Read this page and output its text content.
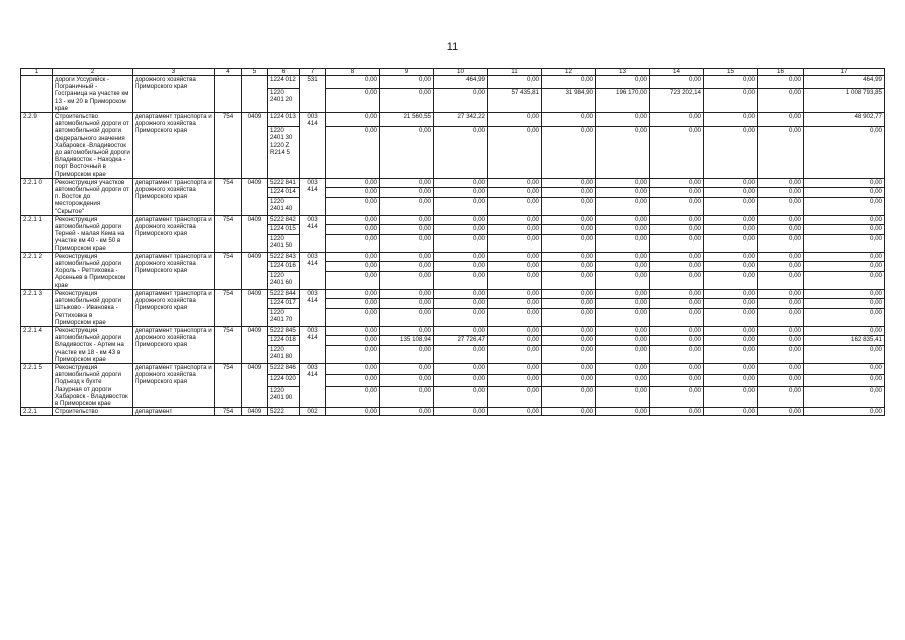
11
1	2	3	4	5	6	7	8	9	10	11	12	13	14	15	16	17
	дороги Уссурийск - Пограничный - Госграница на участке км 13 - км 20 в Приморском крае	дорожного хозяйства Приморского края			1224 012	531	0,00	0,00	464,99	0,00	0,00	0,00	0,00	0,00	0,00	464,99
					1220 2401 20		0,00	0,00	0,00	57 435,81	31 984,90	196 170,00	723 202,14	0,00	0,00	1 008 793,85
2.2.9	Строительство автомобильной дороги от автомобильной дороги федерального значения Хабаровск -Владивосток до автомобильной дороги Владивосток - Находка - порт Восточный в Приморском крае	департамент транспорта и дорожного хозяйства Приморского края	754	0409	1224 013	003 414	0,00	21 560,55	27 342,22	0,00	0,00	0,00	0,00	0,00	0,00	48 902,77
					1220 2401 30 1220 Z R214 5		0,00	0,00	0,00	0,00	0,00	0,00	0,00	0,00	0,00	0,00
2.2.1 0	Реконструкция участков автомобильной дороги от п. Восток до месторождения "Скрытое"	департамент транспорта и дорожного хозяйства Приморского края	754	0409	5222 841	003 414	0,00	0,00	0,00	0,00	0,00	0,00	0,00	0,00	0,00	0,00
					1224 014		0,00	0,00	0,00	0,00	0,00	0,00	0,00	0,00	0,00	0,00
					1220 2401 40		0,00	0,00	0,00	0,00	0,00	0,00	0,00	0,00	0,00	0,00
2.2.1 1	Реконструкция автомобильной дороги Терней - малая Кема на участке км 40 - км 50 в Приморском крае	департамент транспорта и дорожного хозяйства Приморского края	754	0409	5222 842	003 414	0,00	0,00	0,00	0,00	0,00	0,00	0,00	0,00	0,00	0,00
					1224 015		0,00	0,00	0,00	0,00	0,00	0,00	0,00	0,00	0,00	0,00
					1220 2401 50		0,00	0,00	0,00	0,00	0,00	0,00	0,00	0,00	0,00	0,00
2.2.1 2	Реконструкция автомобильной дороги Хороль - Реттиховка - Арсеньев в Приморском крае	департамент транспорта и дорожного хозяйства Приморского края	754	0409	5222 843	003 414	0,00	0,00	0,00	0,00	0,00	0,00	0,00	0,00	0,00	0,00
					1224 016		0,00	0,00	0,00	0,00	0,00	0,00	0,00	0,00	0,00	0,00
					1220 2401 60		0,00	0,00	0,00	0,00	0,00	0,00	0,00	0,00	0,00	0,00
2.2.1 3	Реконструкция автомобильной дороги Штыково - Ивановка - Реттиховка в Приморском крае	департамент транспорта и дорожного хозяйства Приморского края	754	0409	5222 844	003 414	0,00	0,00	0,00	0,00	0,00	0,00	0,00	0,00	0,00	0,00
					1224 017		0,00	0,00	0,00	0,00	0,00	0,00	0,00	0,00	0,00	0,00
					1220 2401 70		0,00	0,00	0,00	0,00	0,00	0,00	0,00	0,00	0,00	0,00
2.2.1 4	Реконструкция автомобильной дороги Владивосток - Артем на участке км 18 - км 43 в Приморском крае	департамент транспорта и дорожного хозяйства Приморского края	754	0409	5222 845	003 414	0,00	0,00	0,00	0,00	0,00	0,00	0,00	0,00	0,00	0,00
					1224 018		0,00	135 108,94	27 726,47	0,00	0,00	0,00	0,00	0,00	0,00	162 835,41
					1220 2401 80		0,00	0,00	0,00	0,00	0,00	0,00	0,00	0,00	0,00	0,00
2.2.1 5	Реконструкция автомобильной дороги Подъезд к бухте Лазурная от дороги Хабаровск - Владивосток в Приморском крае	департамент транспорта и дорожного хозяйства Приморского края	754	0409	5222 846	003 414	0,00	0,00	0,00	0,00	0,00	0,00	0,00	0,00	0,00	0,00
					1224 020		0,00	0,00	0,00	0,00	0,00	0,00	0,00	0,00	0,00	0,00
					1220 2401 90		0,00	0,00	0,00	0,00	0,00	0,00	0,00	0,00	0,00	0,00
2.2.1	Строительство	департамент	754	0409	5222	002	0,00	0,00	0,00	0,00	0,00	0,00	0,00	0,00	0,00	0,00
